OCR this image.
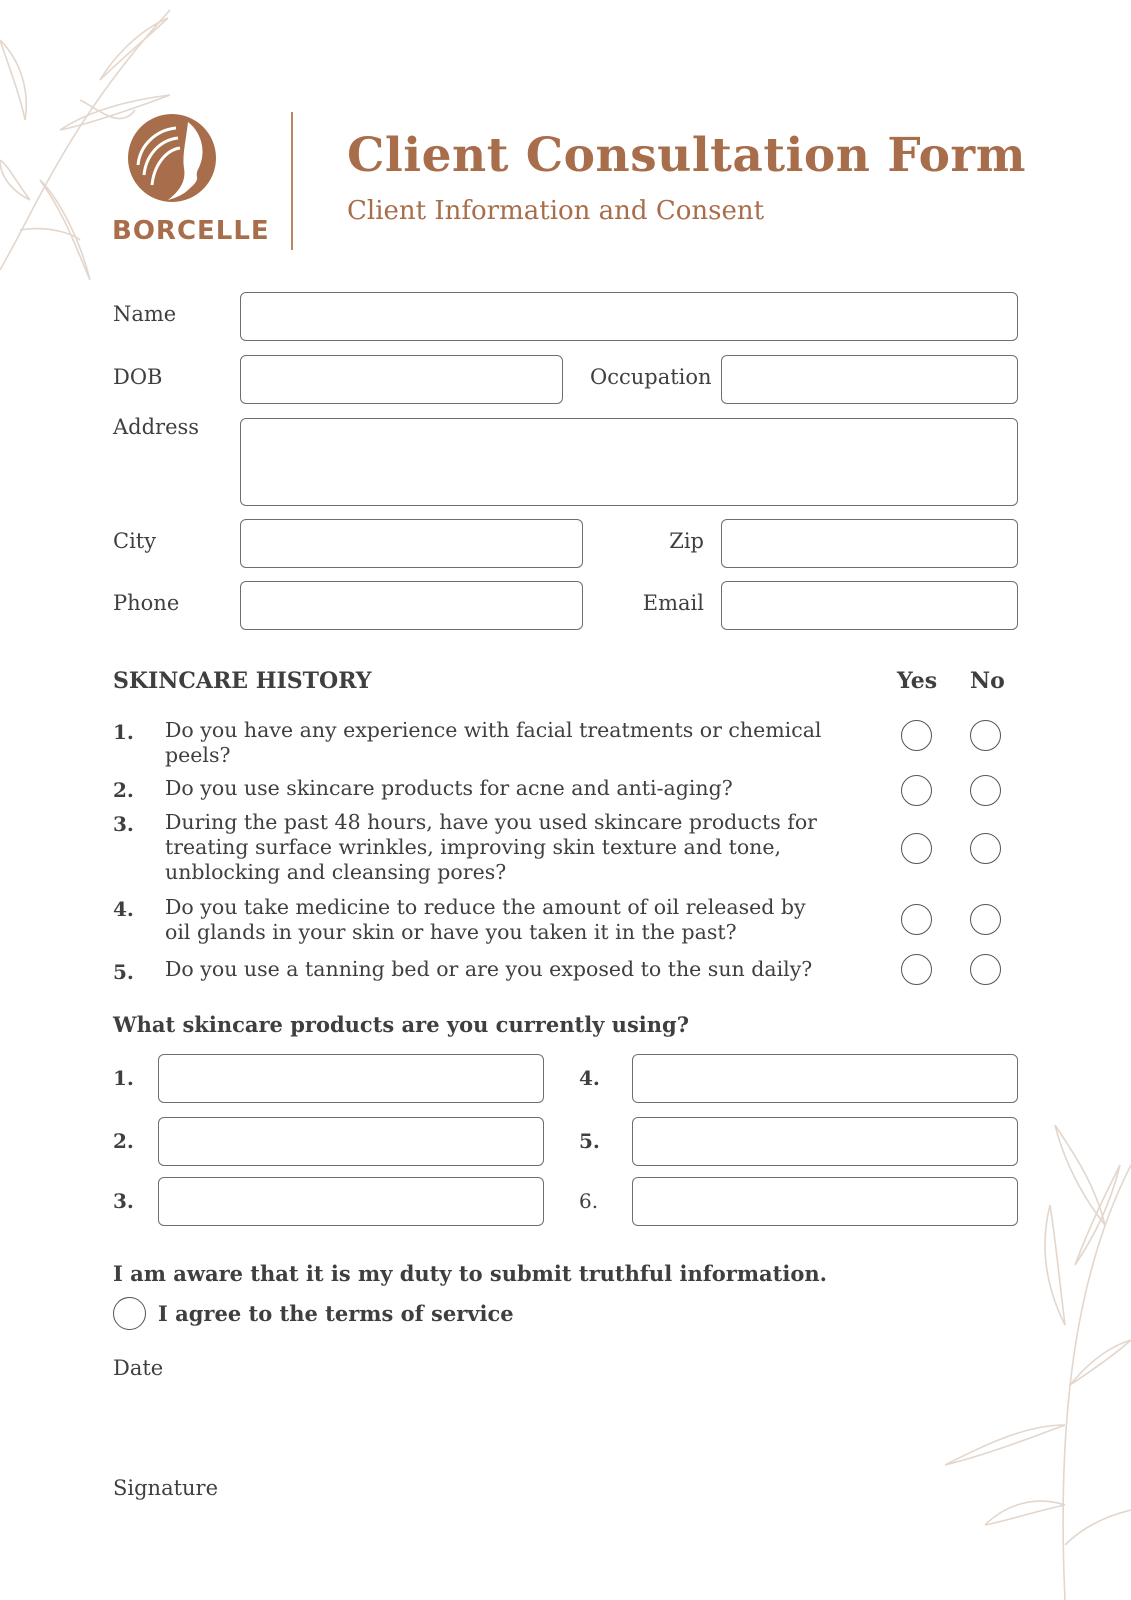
BORCELLE
Client Consultation Form
Client Information and Consent
Name
DOB	Occupation
Address
City	Zip
Phone	Email
SKINCARE HISTORY	Yes No
1. Do you have any experience with facial treatments or chemical peels?
2. Do you use skincare products for acne and anti-aging?
3. During the past 48 hours, have you used skincare products for treating surface wrinkles, improving skin texture and tone, unblocking and cleansing pores?
4. Do you take medicine to reduce the amount of oil released by oil glands in your skin or have you taken it in the past?
5. Do you use a tanning bed or are you exposed to the sun daily?
What skincare products are you currently using?
1.	4.
2.	5.
3.	6.
I am aware that it is my duty to submit truthful information.
I agree to the terms of service
Date
Signature
